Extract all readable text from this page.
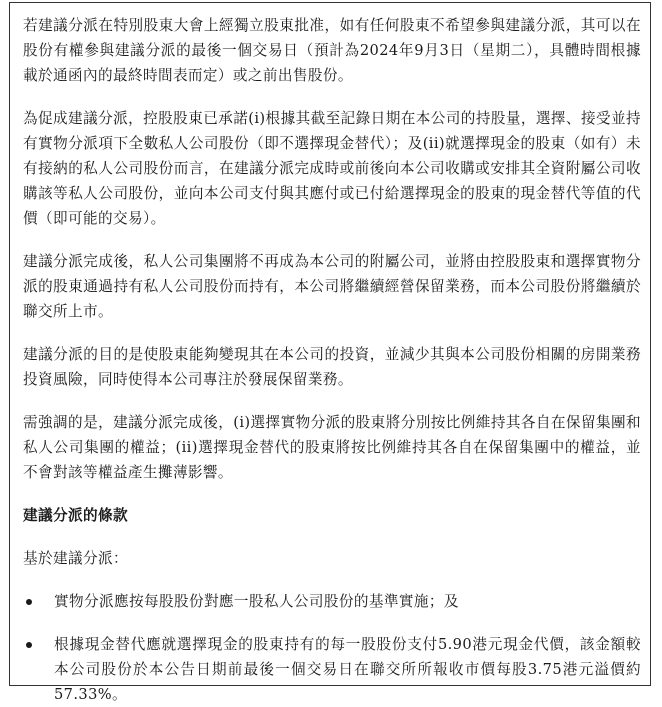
若建議分派在特別股東大會上經獨立股東批准，如有任何股東不希望參與建議分派，其可以在股份有權參與建議分派的最後一個交易日（預計為2024年9月3日（星期二），具體時間根據載於通函內的最終時間表而定）或之前出售股份。

為促成建議分派，控股股東已承諾(i)根據其截至記錄日期在本公司的持股量，選擇、接受並持有實物分派項下全數私人公司股份（即不選擇現金替代）；及(ii)就選擇現金的股東（如有）未有接納的私人公司股份而言，在建議分派完成時或前後向本公司收購或安排其全資附屬公司收購該等私人公司股份，並向本公司支付與其應付或已付給選擇現金的股東的現金替代等值的代價（即可能的交易）。

建議分派完成後，私人公司集團將不再成為本公司的附屬公司，並將由控股股東和選擇實物分派的股東通過持有私人公司股份而持有，本公司將繼續經營保留業務，而本公司股份將繼續於聯交所上市。

建議分派的目的是使股東能夠變現其在本公司的投資，並減少其與本公司股份相關的房開業務投資風險，同時使得本公司專注於發展保留業務。

需強調的是，建議分派完成後，(i)選擇實物分派的股東將分別按比例維持其各自在保留集團和私人公司集團的權益；(ii)選擇現金替代的股東將按比例維持其各自在保留集團中的權益，並不會對該等權益產生攤薄影響。

建議分派的條款

基於建議分派：

實物分派應按每股股份對應一股私人公司股份的基準實施；及
根據現金替代應就選擇現金的股東持有的每一股股份支付5.90港元現金代價，該金額較本公司股份於本公告日期前最後一個交易日在聯交所所報收市價每股3.75港元溢價約57.33%。
